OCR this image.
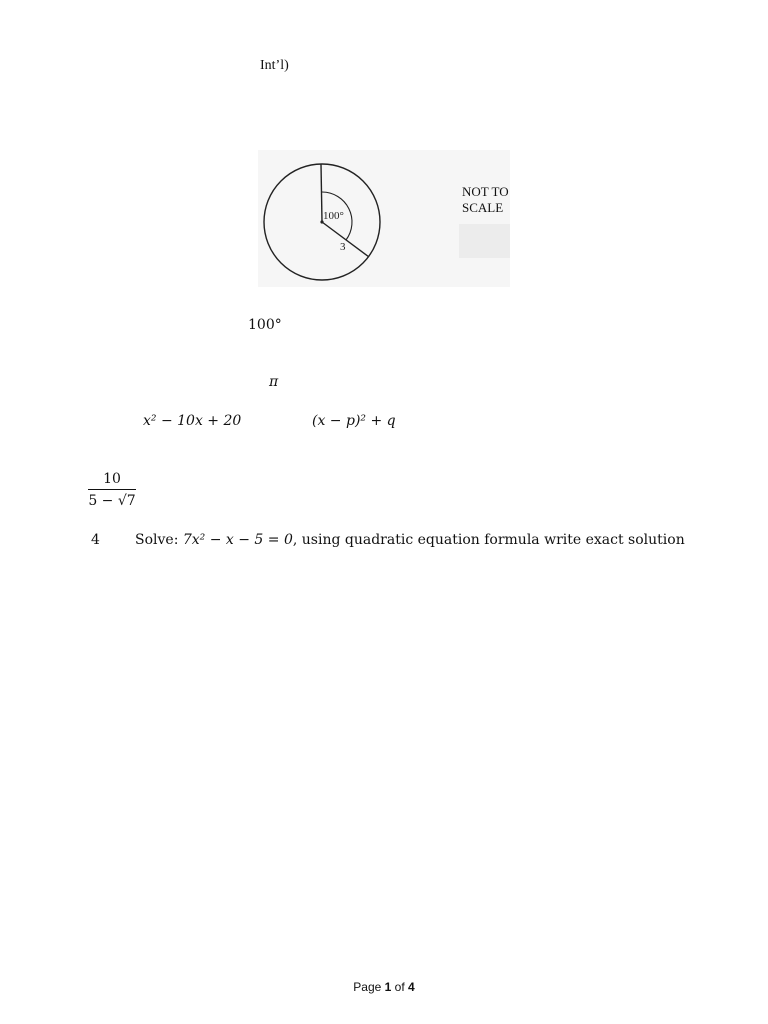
Int’l)
100°
3
NOT TO
SCALE
100°
π
x² − 10x + 20	(x − p)² + q
10
5 − √7
4	Solve: 7x² − x − 5 = 0, using quadratic equation formula write exact solution
Page 1 of 4
